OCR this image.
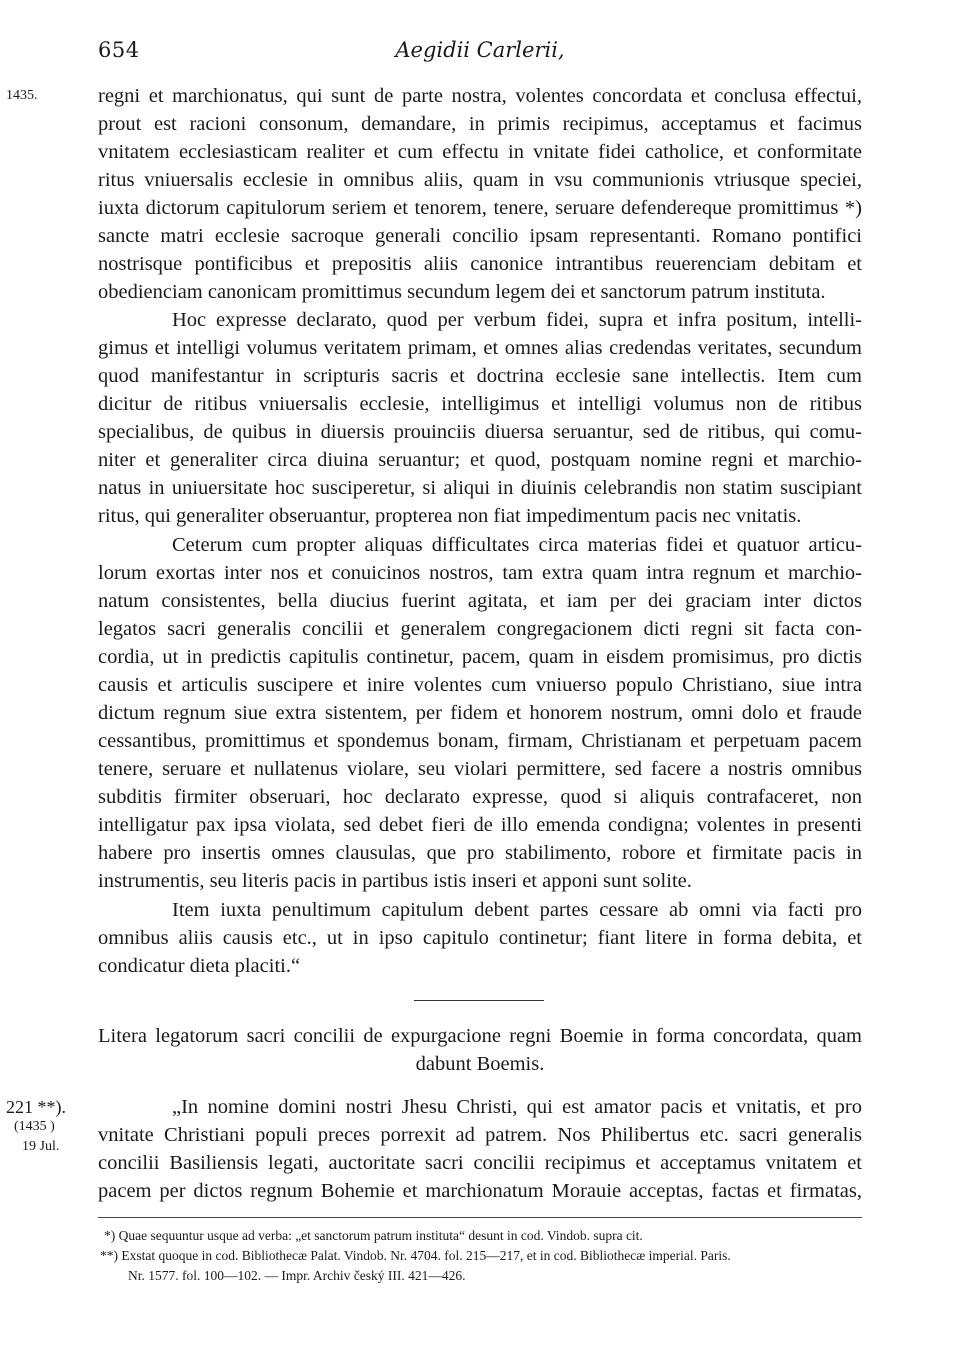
654	Aegidii Carlerii,
1435.
221 **).
(1435 )
19 Jul.
regni et marchionatus, qui sunt de parte nostra, volentes concordata et conclusa effectui,
prout est racioni consonum, demandare, in primis recipimus, acceptamus et facimus
vnitatem ecclesiasticam realiter et cum effectu in vnitate fidei catholice, et conformitate
ritus vniuersalis ecclesie in omnibus aliis, quam in vsu communionis vtriusque speciei,
iuxta dictorum capitulorum seriem et tenorem, tenere, seruare defendereque promittimus *)
sancte matri ecclesie sacroque generali concilio ipsam representanti. Romano pontifici
nostrisque pontificibus et prepositis aliis canonice intrantibus reuerenciam debitam et
obedienciam canonicam promittimus secundum legem dei et sanctorum patrum instituta.
Hoc expresse declarato, quod per verbum fidei, supra et infra positum, intelli-
gimus et intelligi volumus veritatem primam, et omnes alias credendas veritates, secundum
quod manifestantur in scripturis sacris et doctrina ecclesie sane intellectis. Item cum
dicitur de ritibus vniuersalis ecclesie, intelligimus et intelligi volumus non de ritibus
specialibus, de quibus in diuersis prouinciis diuersa seruantur, sed de ritibus, qui comu-
niter et generaliter circa diuina seruantur; et quod, postquam nomine regni et marchio-
natus in uniuersitate hoc susciperetur, si aliqui in diuinis celebrandis non statim suscipiant
ritus, qui generaliter obseruantur, propterea non fiat impedimentum pacis nec vnitatis.
Ceterum cum propter aliquas difficultates circa materias fidei et quatuor articu-
lorum exortas inter nos et conuicinos nostros, tam extra quam intra regnum et marchio-
natum consistentes, bella diucius fuerint agitata, et iam per dei graciam inter dictos
legatos sacri generalis concilii et generalem congregacionem dicti regni sit facta con-
cordia, ut in predictis capitulis continetur, pacem, quam in eisdem promisimus, pro dictis
causis et articulis suscipere et inire volentes cum vniuerso populo Christiano, siue intra
dictum regnum siue extra sistentem, per fidem et honorem nostrum, omni dolo et fraude
cessantibus, promittimus et spondemus bonam, firmam, Christianam et perpetuam pacem
tenere, seruare et nullatenus violare, seu violari permittere, sed facere a nostris omnibus
subditis firmiter obseruari, hoc declarato expresse, quod si aliquis contrafaceret, non
intelligatur pax ipsa violata, sed debet fieri de illo emenda condigna; volentes in presenti
habere pro insertis omnes clausulas, que pro stabilimento, robore et firmitate pacis in
instrumentis, seu literis pacis in partibus istis inseri et apponi sunt solite.
Item iuxta penultimum capitulum debent partes cessare ab omni via facti pro
omnibus aliis causis etc., ut in ipso capitulo continetur; fiant litere in forma debita, et
condicatur dieta placiti.“
Litera legatorum sacri concilii de expurgacione regni Boemie in forma concordata, quam
dabunt Boemis.
„In nomine domini nostri Jhesu Christi, qui est amator pacis et vnitatis, et pro
vnitate Christiani populi preces porrexit ad patrem. Nos Philibertus etc. sacri generalis
concilii Basiliensis legati, auctoritate sacri concilii recipimus et acceptamus vnitatem et
pacem per dictos regnum Bohemie et marchionatum Morauie acceptas, factas et firmatas,
*) Quae sequuntur usque ad verba: „et sanctorum patrum instituta“ desunt in cod. Vindob. supra cit.
**) Exstat quoque in cod. Bibliothecæ Palat. Vindob. Nr. 4704. fol. 215—217, et in cod. Bibliothecæ imperial. Paris.
Nr. 1577. fol. 100—102. — Impr. Archiv český III. 421—426.
